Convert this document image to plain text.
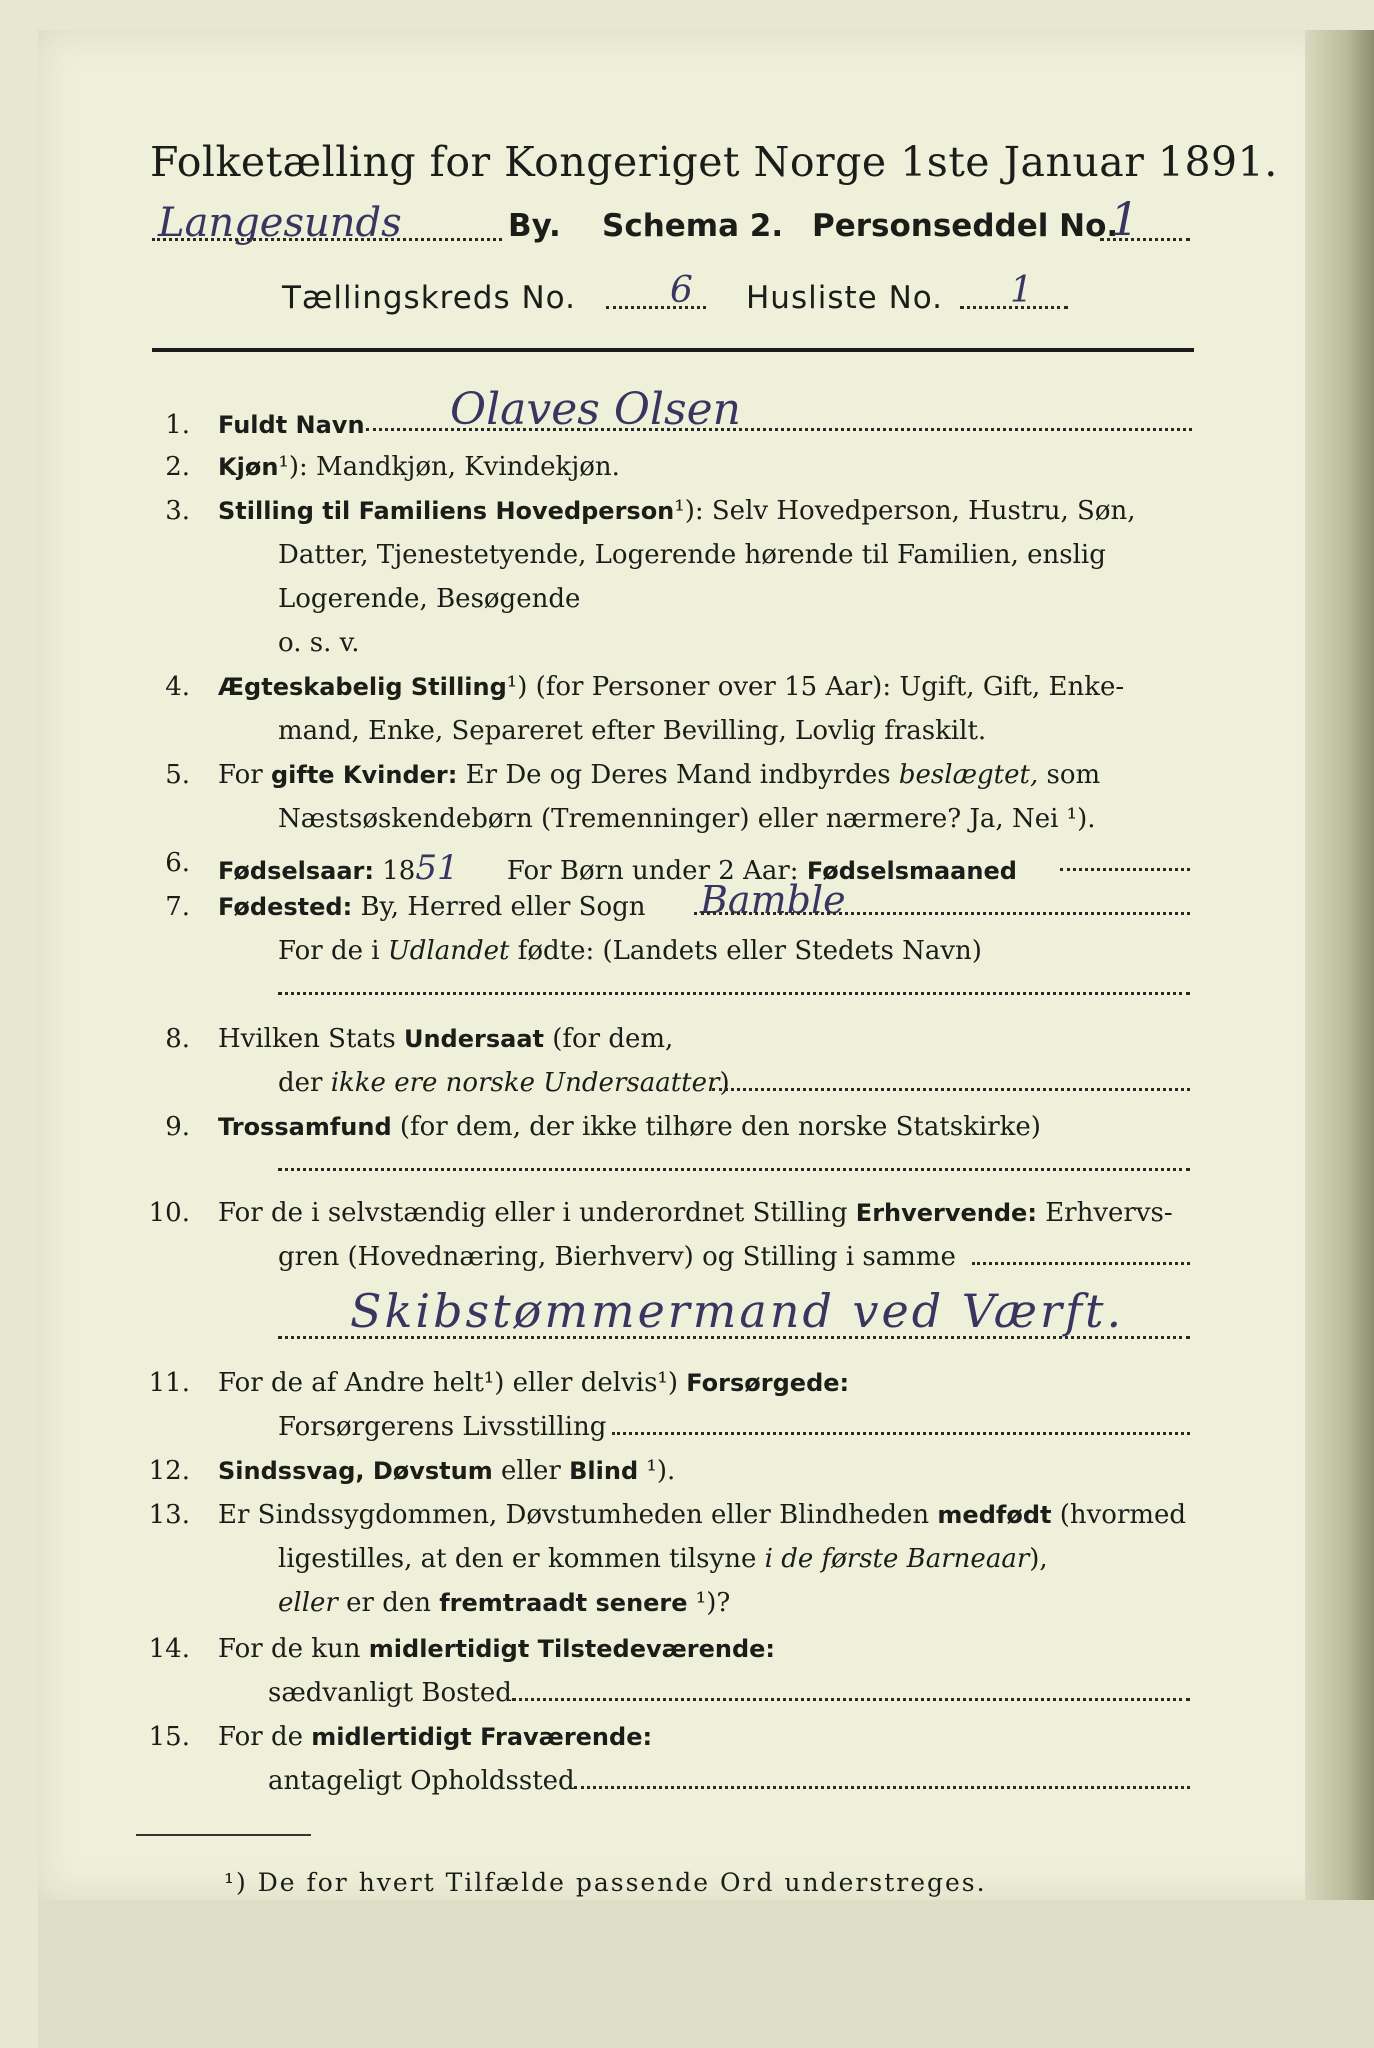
Folketælling for Kongeriget Norge 1ste Januar 1891.
Langesunds	By. Schema 2. Personseddel No.
1
Tællingskreds No.	6 Husliste No. 1
1. Fuldt Navn Olaves Olsen
2. Kjøn¹): Mandkjøn, Kvindekjøn.
3. Stilling til Familiens Hovedperson¹): Selv Hovedperson, Hustru, Søn,
Datter, Tjenestetyende, Logerende hørende til Familien, enslig
Logerende, Besøgende
o. s. v.
4. Ægteskabelig Stilling¹) (for Personer over 15 Aar): Ugift, Gift, Enke-
mand, Enke, Separeret efter Bevilling, Lovlig fraskilt.
5. For gifte Kvinder: Er De og Deres Mand indbyrdes beslægtet, som
Næstsøskendebørn (Tremenninger) eller nærmere? Ja, Nei ¹).
6. Fødselsaar: 1851 For Børn under 2 Aar: Fødselsmaaned
7. Fødested: By, Herred eller Sogn Bamble
For de i Udlandet fødte: (Landets eller Stedets Navn)
8. Hvilken Stats Undersaat (for dem,
der ikke ere norske Undersaatter)
9. Trossamfund (for dem, der ikke tilhøre den norske Statskirke)
10. For de i selvstændig eller i underordnet Stilling Erhvervende: Erhvervs-
gren (Hovednæring, Bierhverv) og Stilling i samme
Skibstømmermand ved Værft.
11. For de af Andre helt¹) eller delvis¹) Forsørgede:
Forsørgerens Livsstilling
12. Sindssvag, Døvstum eller Blind ¹).
13. Er Sindssygdommen, Døvstumheden eller Blindheden medfødt (hvormed
ligestilles, at den er kommen tilsyne i de første Barneaar),
eller er den fremtraadt senere ¹)?
14. For de kun midlertidigt Tilstedeværende:
sædvanligt Bosted
15. For de midlertidigt Fraværende:
antageligt Opholdssted
¹) De for hvert Tilfælde passende Ord understreges.
